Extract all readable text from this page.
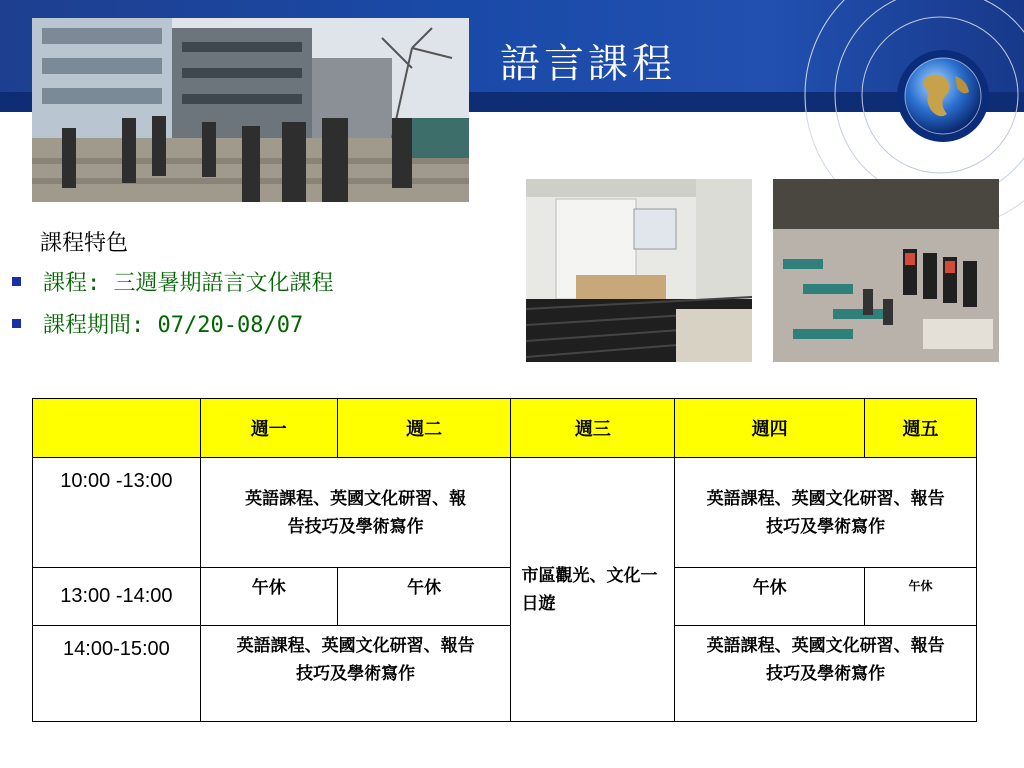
語言課程
課程特色
課程: 三週暑期語言文化課程
課程期間: 07/20-08/07
	週一	週二	週三	週四	週五
10:00 -13:00	英語課程、英國文化研習、報告技巧及學術寫作		市區觀光、文化一日遊	英語課程、英國文化研習、報告技巧及學術寫作	
13:00 -14:00	午休	午休		午休	午休
14:00-15:00	英語課程、英國文化研習、報告技巧及學術寫作			英語課程、英國文化研習、報告技巧及學術寫作	
